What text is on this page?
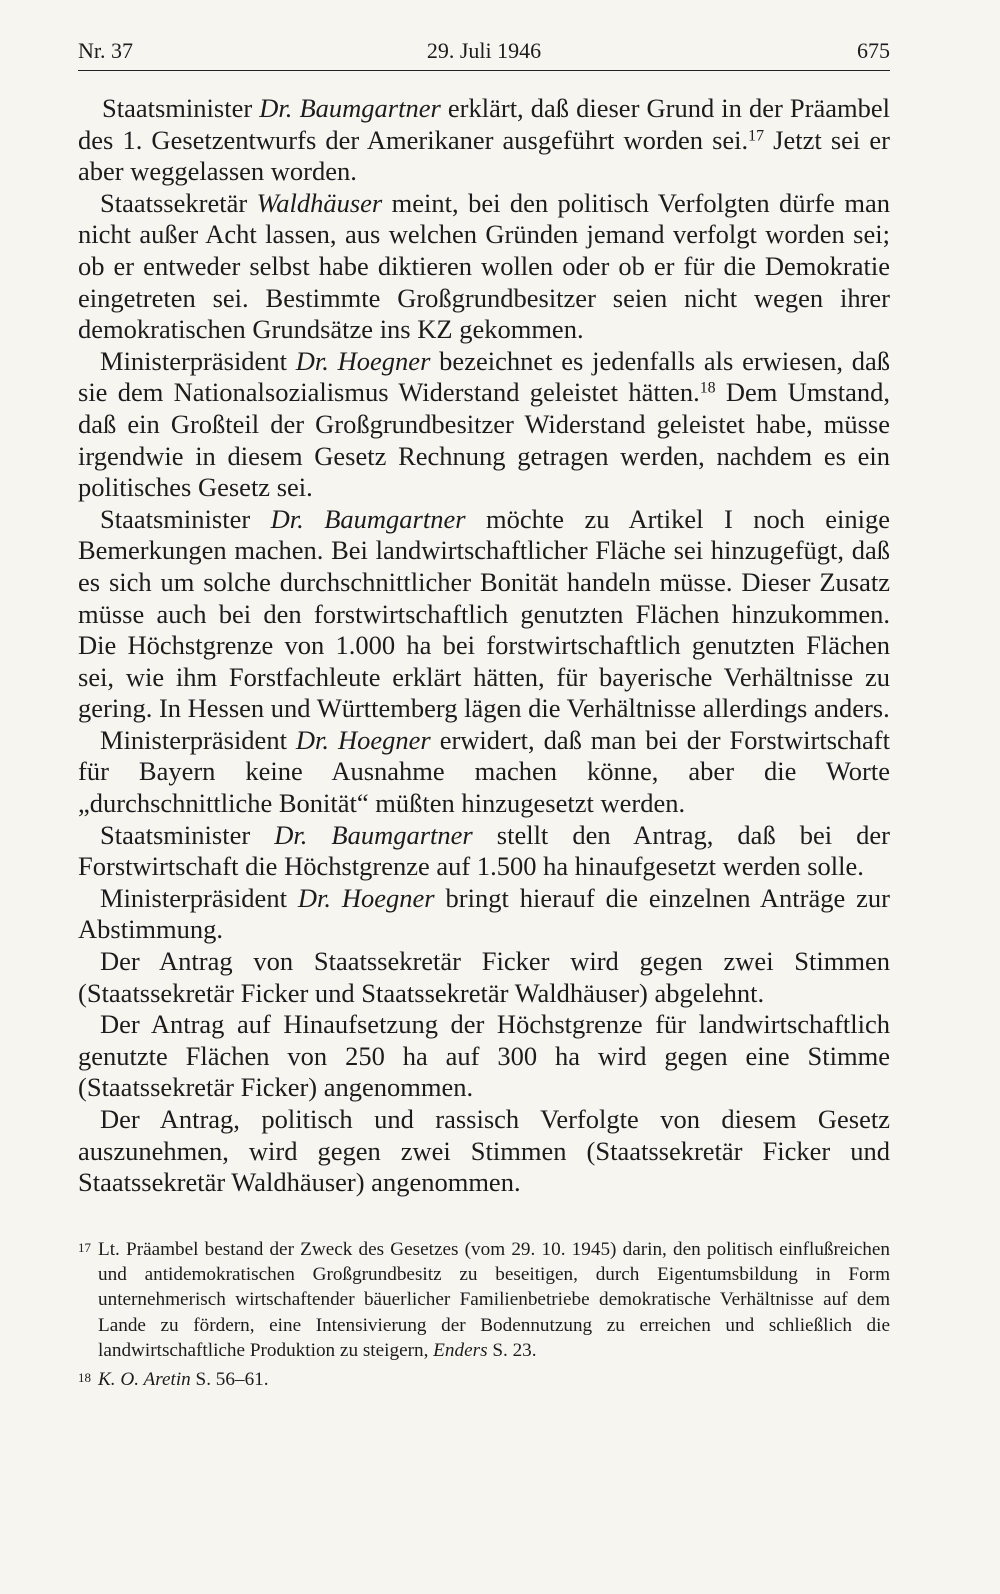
Nr. 37	29. Juli 1946	675

Staatsminister Dr. Baumgartner erklärt, daß dieser Grund in der Präambel des 1. Gesetzentwurfs der Amerikaner ausgeführt worden sei.$^{17}$ Jetzt sei er aber weggelassen worden.

Staatssekretär Waldhäuser meint, bei den politisch Verfolgten dürfe man nicht außer Acht lassen, aus welchen Gründen jemand verfolgt worden sei; ob er entweder selbst habe diktieren wollen oder ob er für die Demokratie eingetreten sei. Bestimmte Großgrundbesitzer seien nicht wegen ihrer demokratischen Grundsätze ins KZ gekommen.

Ministerpräsident Dr. Hoegner bezeichnet es jedenfalls als erwiesen, daß sie dem Nationalsozialismus Widerstand geleistet hätten.$^{18}$ Dem Umstand, daß ein Großteil der Großgrundbesitzer Widerstand geleistet habe, müsse irgendwie in diesem Gesetz Rechnung getragen werden, nachdem es ein politisches Gesetz sei.

Staatsminister Dr. Baumgartner möchte zu Artikel I noch einige Bemerkungen machen. Bei landwirtschaftlicher Fläche sei hinzugefügt, daß es sich um solche durchschnittlicher Bonität handeln müsse. Dieser Zusatz müsse auch bei den forstwirtschaftlich genutzten Flächen hinzukommen. Die Höchstgrenze von 1.000 ha bei forstwirtschaftlich genutzten Flächen sei, wie ihm Forstfachleute erklärt hätten, für bayerische Verhältnisse zu gering. In Hessen und Württemberg lägen die Verhältnisse allerdings anders.

Ministerpräsident Dr. Hoegner erwidert, daß man bei der Forstwirtschaft für Bayern keine Ausnahme machen könne, aber die Worte „durchschnittliche Bonität“ müßten hinzugesetzt werden.

Staatsminister Dr. Baumgartner stellt den Antrag, daß bei der Forstwirtschaft die Höchstgrenze auf 1.500 ha hinaufgesetzt werden solle.

Ministerpräsident Dr. Hoegner bringt hierauf die einzelnen Anträge zur Abstimmung.

Der Antrag von Staatssekretär Ficker wird gegen zwei Stimmen (Staatssekretär Ficker und Staatssekretär Waldhäuser) abgelehnt.

Der Antrag auf Hinaufsetzung der Höchstgrenze für landwirtschaftlich genutzte Flächen von 250 ha auf 300 ha wird gegen eine Stimme (Staatssekretär Ficker) angenommen.

Der Antrag, politisch und rassisch Verfolgte von diesem Gesetz auszunehmen, wird gegen zwei Stimmen (Staatssekretär Ficker und Staatssekretär Waldhäuser) angenommen.

17 Lt. Präambel bestand der Zweck des Gesetzes (vom 29. 10. 1945) darin, den politisch einflußreichen und antidemokratischen Großgrundbesitz zu beseitigen, durch Eigentumsbildung in Form unternehmerisch wirtschaftender bäuerlicher Familienbetriebe demokratische Verhältnisse auf dem Lande zu fördern, eine Intensivierung der Bodennutzung zu erreichen und schließlich die landwirtschaftliche Produktion zu steigern, Enders S. 23.

18 K. O. Aretin S. 56–61.
